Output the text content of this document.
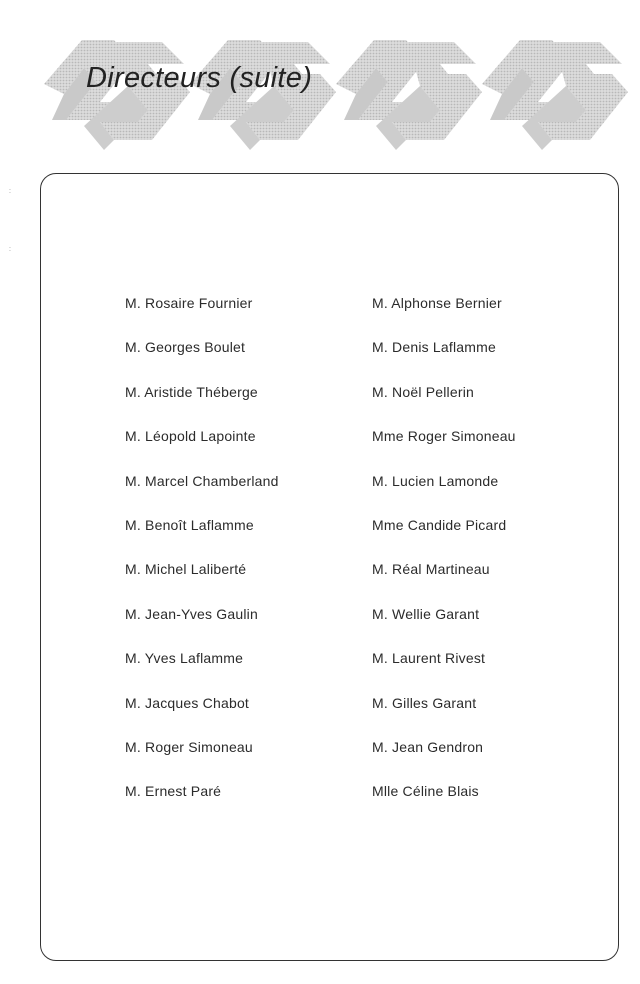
Directeurs (suite)
:
:
M. Rosaire Fournier
M. Georges Boulet
M. Aristide Théberge
M. Léopold Lapointe
M. Marcel Chamberland
M. Benoît Laflamme
M. Michel Laliberté
M. Jean-Yves Gaulin
M. Yves Laflamme
M. Jacques Chabot
M. Roger Simoneau
M. Ernest Paré
M. Alphonse Bernier
M. Denis Laflamme
M. Noël Pellerin
Mme Roger Simoneau
M. Lucien Lamonde
Mme Candide Picard
M. Réal Martineau
M. Wellie Garant
M. Laurent Rivest
M. Gilles Garant
M. Jean Gendron
Mlle Céline Blais
